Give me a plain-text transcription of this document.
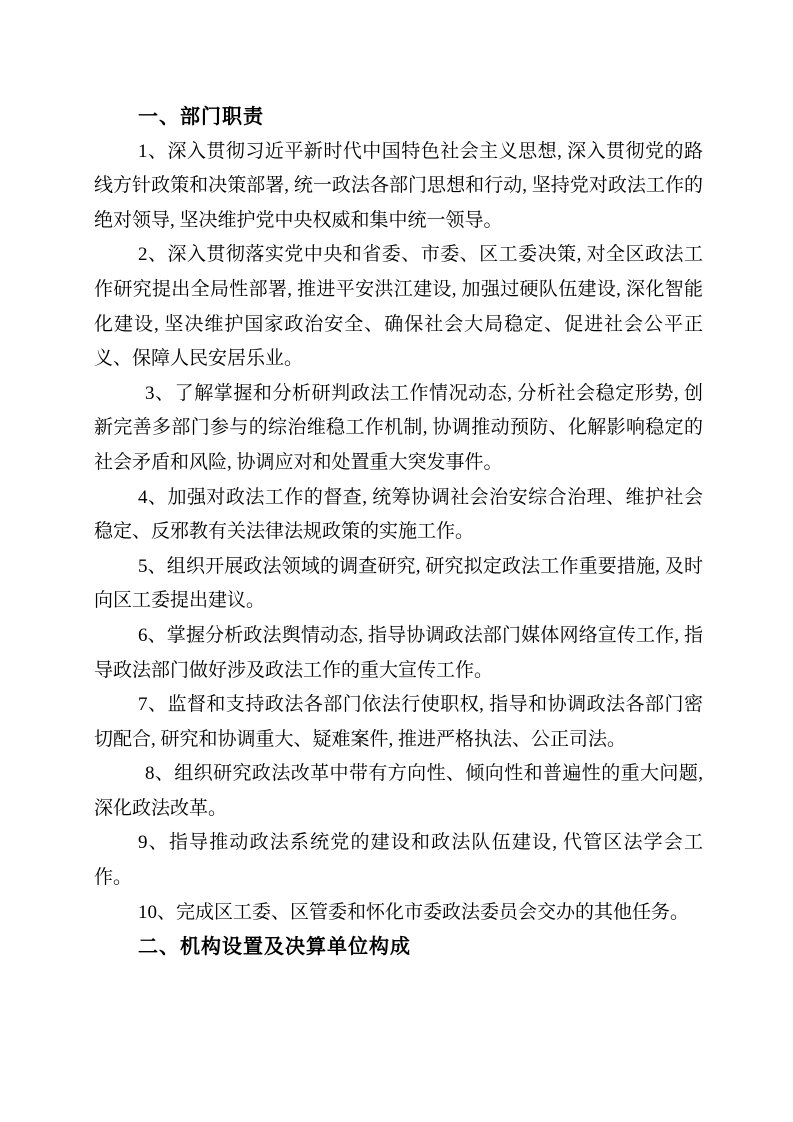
一、部门职责

1、深入贯彻习近平新时代中国特色社会主义思想, 深入贯彻党的路线方针政策和决策部署, 统一政法各部门思想和行动, 坚持党对政法工作的绝对领导, 坚决维护党中央权威和集中统一领导。

2、深入贯彻落实党中央和省委、市委、区工委决策, 对全区政法工作研究提出全局性部署, 推进平安洪江建设, 加强过硬队伍建设, 深化智能化建设, 坚决维护国家政治安全、确保社会大局稳定、促进社会公平正义、保障人民安居乐业。

3、了解掌握和分析研判政法工作情况动态, 分析社会稳定形势, 创新完善多部门参与的综治维稳工作机制, 协调推动预防、化解影响稳定的社会矛盾和风险, 协调应对和处置重大突发事件。

4、加强对政法工作的督查, 统筹协调社会治安综合治理、维护社会稳定、反邪教有关法律法规政策的实施工作。

5、组织开展政法领域的调查研究, 研究拟定政法工作重要措施, 及时向区工委提出建议。

6、掌握分析政法舆情动态, 指导协调政法部门媒体网络宣传工作, 指导政法部门做好涉及政法工作的重大宣传工作。

7、监督和支持政法各部门依法行使职权, 指导和协调政法各部门密切配合, 研究和协调重大、疑难案件, 推进严格执法、公正司法。

8、组织研究政法改革中带有方向性、倾向性和普遍性的重大问题, 深化政法改革。

9、指导推动政法系统党的建设和政法队伍建设, 代管区法学会工作。

10、完成区工委、区管委和怀化市委政法委员会交办的其他任务。

二、机构设置及决算单位构成
